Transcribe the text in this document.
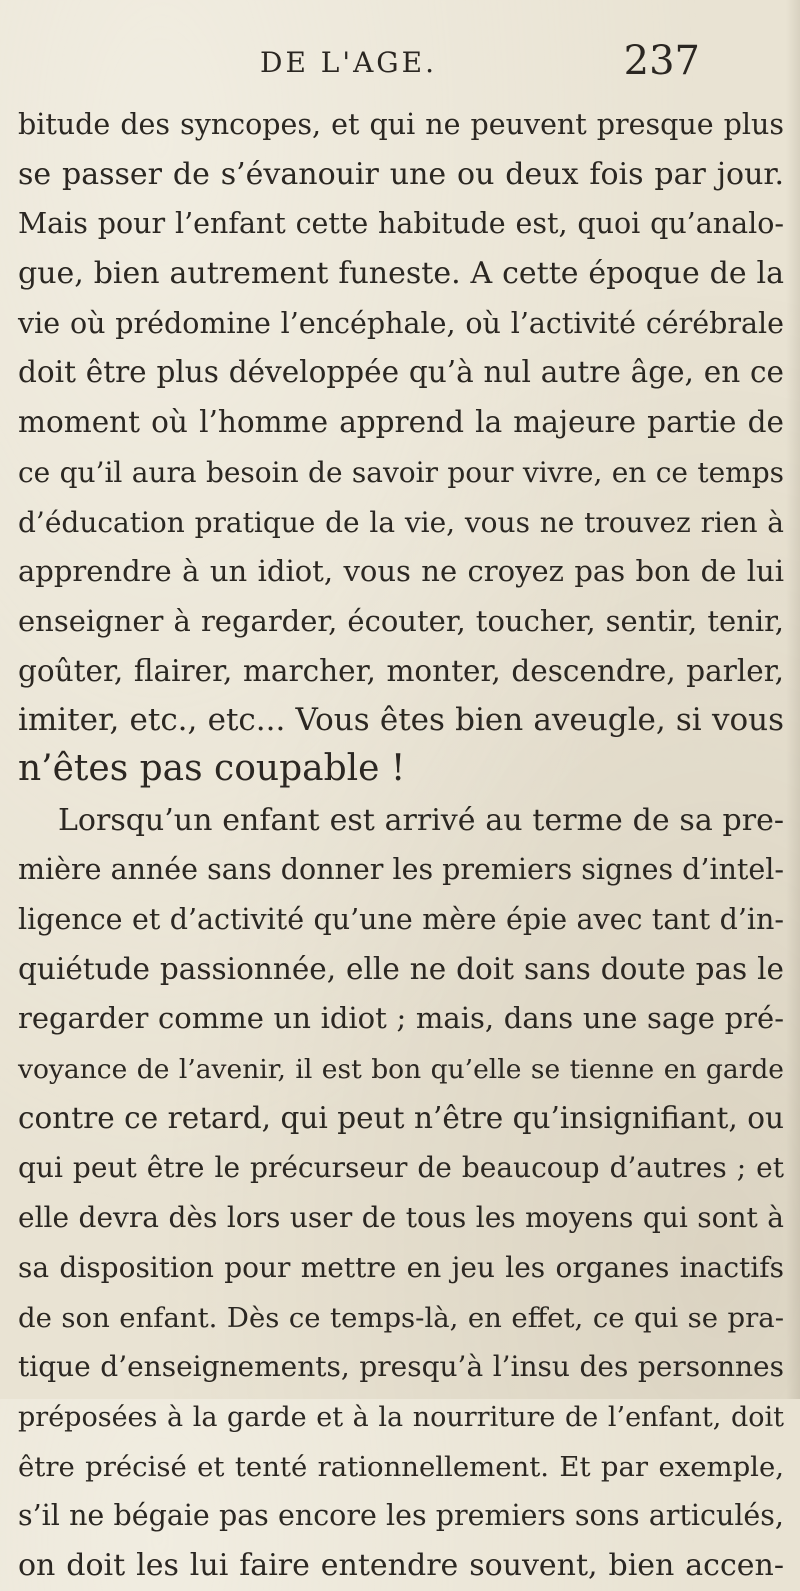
DE L'AGE.	237
bitude des syncopes, et qui ne peuvent presque plus
se passer de s’évanouir une ou deux fois par jour.
Mais pour l’enfant cette habitude est, quoi qu’analo-
gue, bien autrement funeste. A cette époque de la
vie où prédomine l’encéphale, où l’activité cérébrale
doit être plus développée qu’à nul autre âge, en ce
moment où l’homme apprend la majeure partie de
ce qu’il aura besoin de savoir pour vivre, en ce temps
d’éducation pratique de la vie, vous ne trouvez rien à
apprendre à un idiot, vous ne croyez pas bon de lui
enseigner à regarder, écouter, toucher, sentir, tenir,
goûter, flairer, marcher, monter, descendre, parler,
imiter, etc., etc... Vous êtes bien aveugle, si vous
n’êtes pas coupable !
Lorsqu’un enfant est arrivé au terme de sa pre-
mière année sans donner les premiers signes d’intel-
ligence et d’activité qu’une mère épie avec tant d’in-
quiétude passionnée, elle ne doit sans doute pas le
regarder comme un idiot ; mais, dans une sage pré-
voyance de l’avenir, il est bon qu’elle se tienne en garde
contre ce retard, qui peut n’être qu’insignifiant, ou
qui peut être le précurseur de beaucoup d’autres ; et
elle devra dès lors user de tous les moyens qui sont à
sa disposition pour mettre en jeu les organes inactifs
de son enfant. Dès ce temps-là, en effet, ce qui se pra-
tique d’enseignements, presqu’à l’insu des personnes
préposées à la garde et à la nourriture de l’enfant, doit
être précisé et tenté rationnellement. Et par exemple,
s’il ne bégaie pas encore les premiers sons articulés,
on doit les lui faire entendre souvent, bien accen-
